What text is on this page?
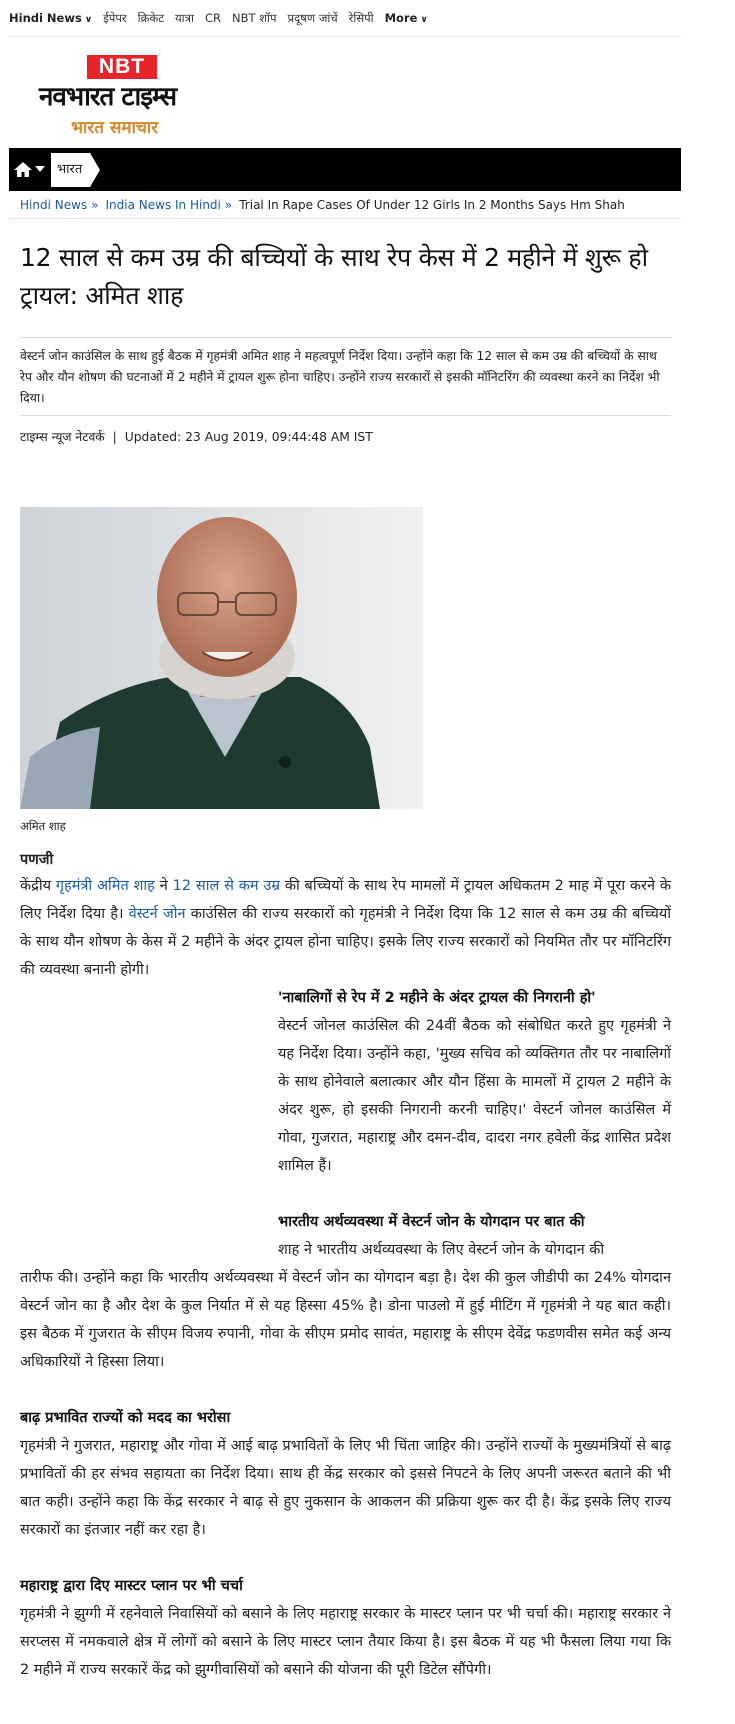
Hindi News ∨ ईपेपर क्रिकेट यात्रा CR NBT शॉप प्रदूषण जांचें रेसिपी More ∨
NBT
नवभारत टाइम्स
भारत समाचार
भारत
Hindi News » India News In Hindi » Trial In Rape Cases Of Under 12 Girls In 2 Months Says Hm Shah
12 साल से कम उम्र की बच्चियों के साथ रेप केस में 2 महीने में शुरू हो ट्रायल: अमित शाह
वेस्टर्न जोन काउंसिल के साथ हुई बैठक में गृहमंत्री अमित शाह ने महत्वपूर्ण निर्देश दिया। उन्होंने कहा कि 12 साल से कम उम्र की बच्चियों के साथ रेप और यौन शोषण की घटनाओं में 2 महीने में ट्रायल शुरू होना चाहिए। उन्होंने राज्य सरकारों से इसकी मॉनिटरिंग की व्यवस्था करने का निर्देश भी दिया।
टाइम्स न्यूज नेटवर्क | Updated: 23 Aug 2019, 09:44:48 AM IST
अमित शाह
पणजी

केंद्रीय गृहमंत्री अमित शाह ने 12 साल से कम उम्र की बच्चियों के साथ रेप मामलों में ट्रायल अधिकतम 2 माह में पूरा करने के लिए निर्देश दिया है। वेस्टर्न जोन काउंसिल की राज्य सरकारों को गृहमंत्री ने निर्देश दिया कि 12 साल से कम उम्र की बच्चियों के साथ यौन शोषण के केस में 2 महीने के अंदर ट्रायल होना चाहिए। इसके लिए राज्य सरकारों को नियमित तौर पर मॉनिटरिंग की व्यवस्था बनानी होगी।

'नाबालिगों से रेप में 2 महीने के अंदर ट्रायल की निगरानी हो'

वेस्टर्न जोनल काउंसिल की 24वीं बैठक को संबोधित करते हुए गृहमंत्री ने यह निर्देश दिया। उन्होंने कहा, 'मुख्य सचिव को व्यक्तिगत तौर पर नाबालिगों के साथ होनेवाले बलात्कार और यौन हिंसा के मामलों में ट्रायल 2 महीने के अंदर शुरू, हो इसकी निगरानी करनी चाहिए।' वेस्टर्न जोनल काउंसिल में गोवा, गुजरात, महाराष्ट्र और दमन-दीव, दादरा नगर हवेली केंद्र शासित प्रदेश शामिल हैं।

भारतीय अर्थव्यवस्था में वेस्टर्न जोन के योगदान पर बात की

शाह ने भारतीय अर्थव्यवस्था के लिए वेस्टर्न जोन के योगदान की

तारीफ की। उन्होंने कहा कि भारतीय अर्थव्यवस्था में वेस्टर्न जोन का योगदान बड़ा है। देश की कुल जीडीपी का 24% योगदान वेस्टर्न जोन का है और देश के कुल निर्यात में से यह हिस्सा 45% है। डोना पाउलो में हुई मीटिंग में गृहमंत्री ने यह बात कही। इस बैठक में गुजरात के सीएम विजय रुपानी, गोवा के सीएम प्रमोद सावंत, महाराष्ट्र के सीएम देवेंद्र फडणवीस समेत कई अन्य अधिकारियों ने हिस्सा लिया।

बाढ़ प्रभावित राज्यों को मदद का भरोसा

गृहमंत्री ने गुजरात, महाराष्ट्र और गोवा में आई बाढ़ प्रभावितों के लिए भी चिंता जाहिर की। उन्होंने राज्यों के मुख्यमंत्रियों से बाढ़ प्रभावितों की हर संभव सहायता का निर्देश दिया। साथ ही केंद्र सरकार को इससे निपटने के लिए अपनी जरूरत बताने की भी बात कही। उन्होंने कहा कि केंद्र सरकार ने बाढ़ से हुए नुकसान के आकलन की प्रक्रिया शुरू कर दी है। केंद्र इसके लिए राज्य सरकारों का इंतजार नहीं कर रहा है।

महाराष्ट्र द्वारा दिए मास्टर प्लान पर भी चर्चा

गृहमंत्री ने झुग्गी में रहनेवाले निवासियों को बसाने के लिए महाराष्ट्र सरकार के मास्टर प्लान पर भी चर्चा की। महाराष्ट्र सरकार ने सरप्लस में नमकवाले क्षेत्र में लोगों को बसाने के लिए मास्टर प्लान तैयार किया है। इस बैठक में यह भी फैसला लिया गया कि 2 महीने में राज्य सरकारें केंद्र को झुग्गीवासियों को बसाने की योजना की पूरी डिटेल सौंपेगी।
